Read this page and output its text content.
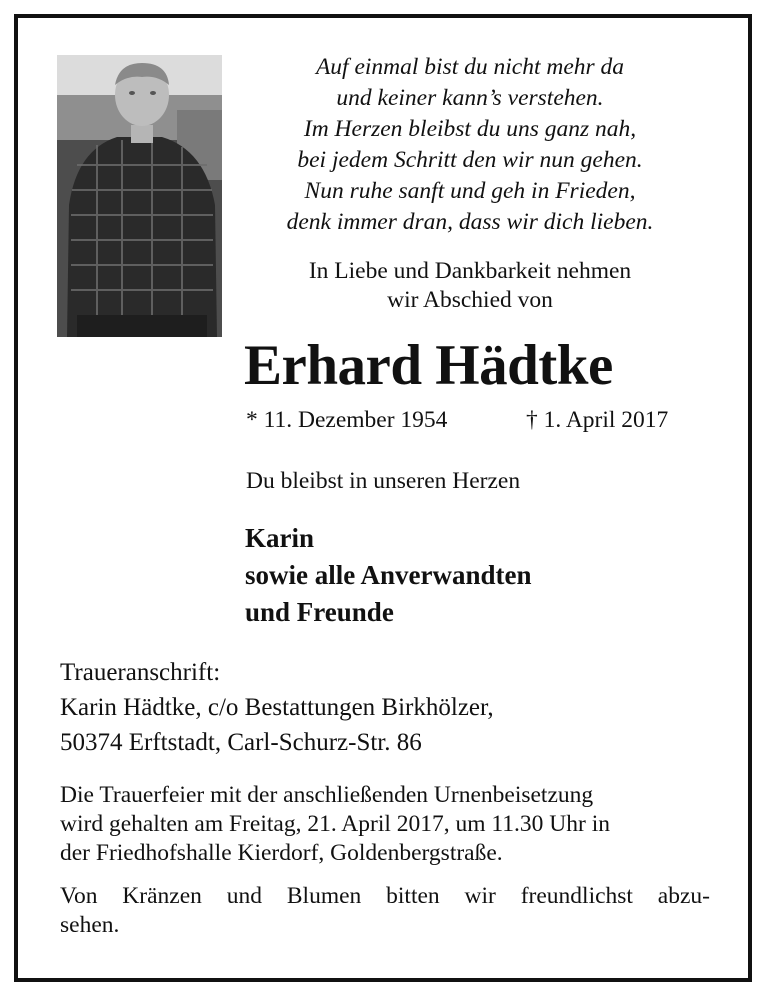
Auf einmal bist du nicht mehr da
und keiner kann’s verstehen.
Im Herzen bleibst du uns ganz nah,
bei jedem Schritt den wir nun gehen.
Nun ruhe sanft und geh in Frieden,
denk immer dran, dass wir dich lieben.
In Liebe und Dankbarkeit nehmen
wir Abschied von
Erhard Hädtke
* 11. Dezember 1954	† 1. April 2017
Du bleibst in unseren Herzen
Karin
sowie alle Anverwandten
und Freunde
Traueranschrift:
Karin Hädtke, c/o Bestattungen Birkhölzer,
50374 Erftstadt, Carl-Schurz-Str. 86
Die Trauerfeier mit der anschließenden Urnenbeisetzung
wird gehalten am Freitag, 21. April 2017, um 11.30 Uhr in
der Friedhofshalle Kierdorf, Goldenbergstraße.
Von Kränzen und Blumen bitten wir freundlichst abzu-
sehen.
